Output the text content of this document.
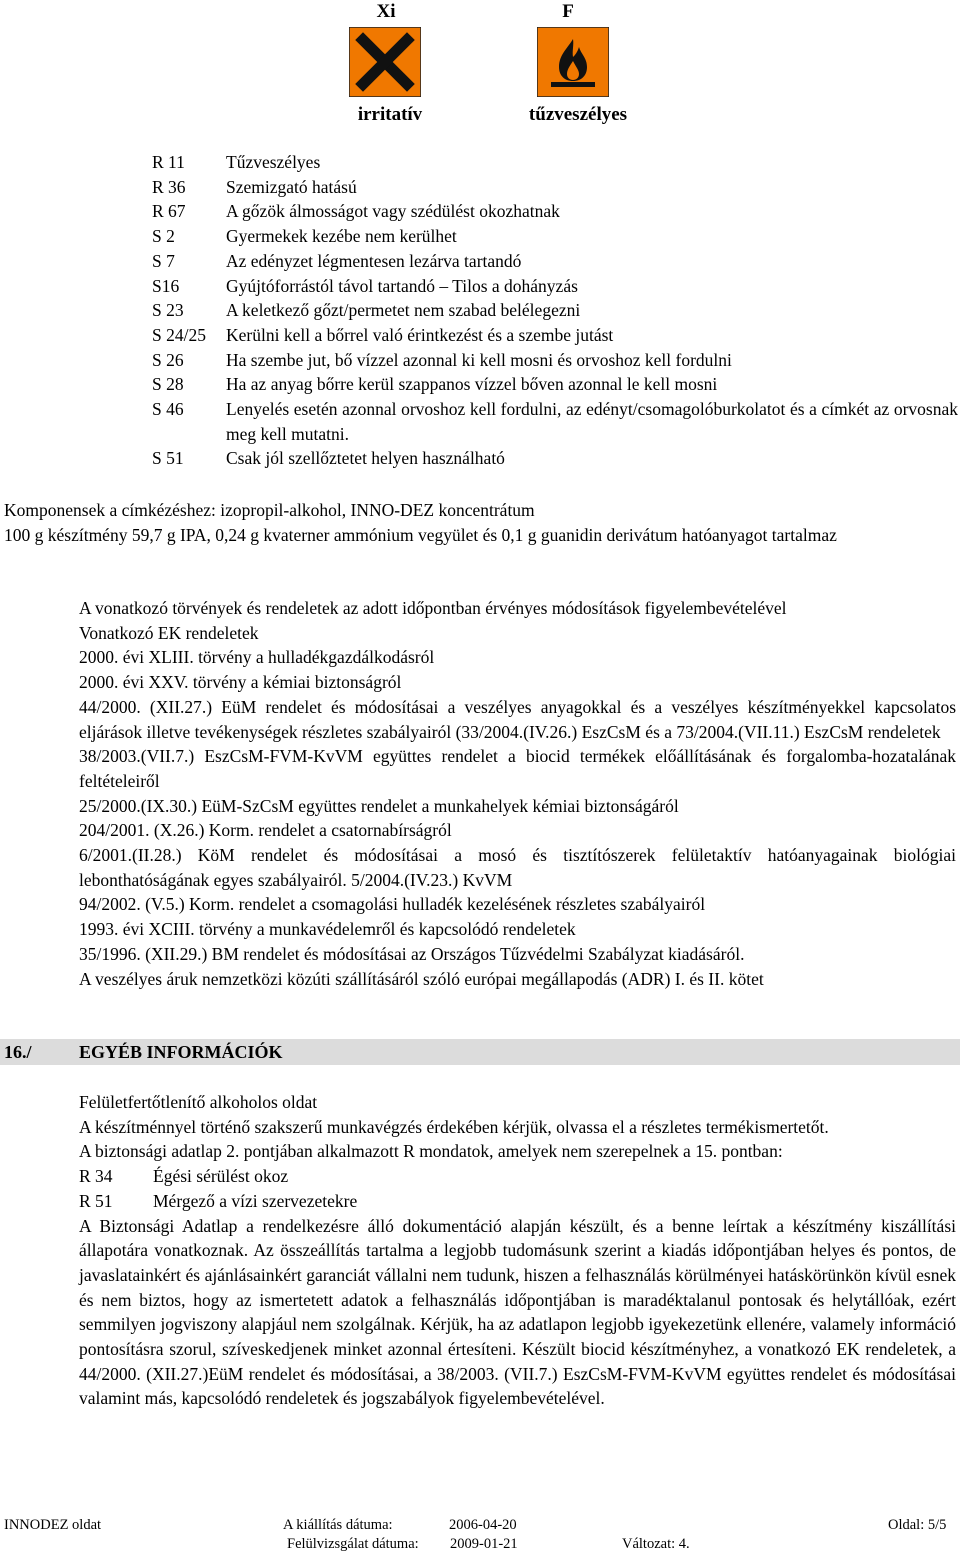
Xi	F
irritatív	tűzveszélyes
R 11	Tűzveszélyes
R 36	Szemizgató hatású
R 67	A gőzök álmosságot vagy szédülést okozhatnak
S 2	Gyermekek kezébe nem kerülhet
S 7	Az edényzet légmentesen lezárva tartandó
S16	Gyújtóforrástól távol tartandó – Tilos a dohányzás
S 23	A keletkező gőzt/permetet nem szabad belélegezni
S 24/25	Kerülni kell a bőrrel való érintkezést és a szembe jutást
S 26	Ha szembe jut, bő vízzel azonnal ki kell mosni és orvoshoz kell fordulni
S 28	Ha az anyag bőrre kerül szappanos vízzel bőven azonnal le kell mosni
S 46	Lenyelés esetén azonnal orvoshoz kell fordulni, az edényt/csomagolóburkolatot és a címkét az orvosnak meg kell mutatni.
S 51	Csak jól szellőztetet helyen használható
Komponensek a címkézéshez: izopropil-alkohol, INNO-DEZ koncentrátum
100 g készítmény 59,7 g IPA, 0,24 g kvaterner ammónium vegyület és 0,1 g guanidin derivátum hatóanyagot tartalmaz
A vonatkozó törvények és rendeletek az adott időpontban érvényes módosítások figyelembevételével
Vonatkozó EK rendeletek
2000. évi XLIII. törvény a hulladékgazdálkodásról
2000. évi XXV. törvény a kémiai biztonságról
44/2000. (XII.27.) EüM rendelet és módosításai a veszélyes anyagokkal és a veszélyes készítményekkel kapcsolatos eljárások illetve tevékenységek részletes szabályairól (33/2004.(IV.26.) EszCsM és a 73/2004.(VII.11.) EszCsM rendeletek
38/2003.(VII.7.) EszCsM-FVM-KvVM együttes rendelet a biocid termékek előállításának és forgalomba-hozatalának feltételeiről
25/2000.(IX.30.) EüM-SzCsM együttes rendelet a munkahelyek kémiai biztonságáról
204/2001. (X.26.) Korm. rendelet a csatornabírságról
6/2001.(II.28.) KöM rendelet és módosításai a mosó és tisztítószerek felületaktív hatóanyagainak biológiai lebonthatóságának egyes szabályairól. 5/2004.(IV.23.) KvVM
94/2002. (V.5.) Korm. rendelet a csomagolási hulladék kezelésének részletes szabályairól
1993. évi XCIII. törvény a munkavédelemről és kapcsolódó rendeletek
35/1996. (XII.29.) BM rendelet és módosításai az Országos Tűzvédelmi Szabályzat kiadásáról.
A veszélyes áruk nemzetközi közúti szállításáról szóló európai megállapodás (ADR) I. és II. kötet
16./	EGYÉB INFORMÁCIÓK
Felületfertőtlenítő alkoholos oldat
A készítménnyel történő szakszerű munkavégzés érdekében kérjük, olvassa el a részletes termékismertetőt.
A biztonsági adatlap 2. pontjában alkalmazott R mondatok, amelyek nem szerepelnek a 15. pontban:
R 34	Égési sérülést okoz
R 51	Mérgező a vízi szervezetekre
A Biztonsági Adatlap a rendelkezésre álló dokumentáció alapján készült, és a benne leírtak a készítmény kiszállítási állapotára vonatkoznak. Az összeállítás tartalma a legjobb tudomásunk szerint a kiadás időpontjában helyes és pontos, de javaslatainkért és ajánlásainkért garanciát vállalni nem tudunk, hiszen a felhasználás körülményei hatáskörünkön kívül esnek és nem biztos, hogy az ismertetett adatok a felhasználás időpontjában is maradéktalanul pontosak és helytállóak, ezért semmilyen jogviszony alapjául nem szolgálnak. Kérjük, ha az adatlapon legjobb igyekezetünk ellenére, valamely információ pontosításra szorul, szíveskedjenek minket azonnal értesíteni. Készült biocid készítményhez, a vonatkozó EK rendeletek, a 44/2000. (XII.27.)EüM rendelet és módosításai, a 38/2003. (VII.7.) EszCsM-FVM-KvVM együttes rendelet és módosításai valamint más, kapcsolódó rendeletek és jogszabályok figyelembevételével.
INNODEZ oldat	A kiállítás dátuma:	2006-04-20	Oldal: 5/5
Felülvizsgálat dátuma: 2009-01-21	Változat: 4.
